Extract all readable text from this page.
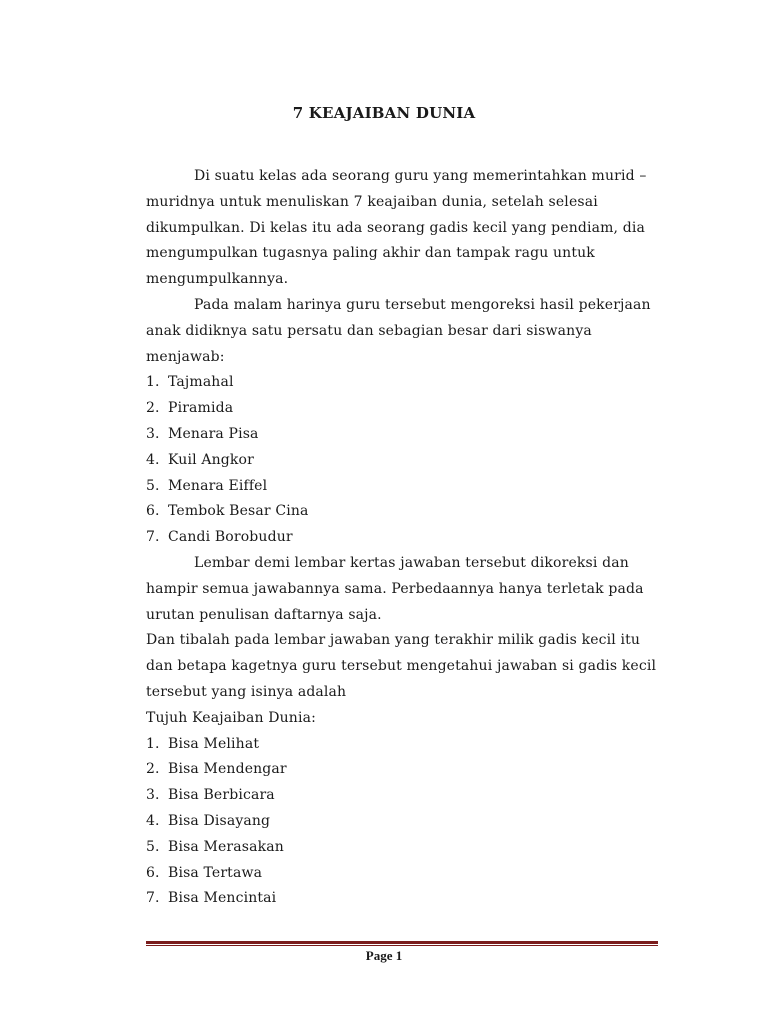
7 KEAJAIBAN DUNIA

Di suatu kelas ada seorang guru yang memerintahkan murid – muridnya untuk menuliskan 7 keajaiban dunia, setelah selesai dikumpulkan. Di kelas itu ada seorang gadis kecil yang pendiam, dia mengumpulkan tugasnya paling akhir dan tampak ragu untuk mengumpulkannya.

Pada malam harinya guru tersebut mengoreksi hasil pekerjaan anak didiknya satu persatu dan sebagian besar dari siswanya menjawab:

1. Tajmahal
2. Piramida
3. Menara Pisa
4. Kuil Angkor
5. Menara Eiffel
6. Tembok Besar Cina
7. Candi Borobudur

Lembar demi lembar kertas jawaban tersebut dikoreksi dan hampir semua jawabannya sama. Perbedaannya hanya terletak pada urutan penulisan daftarnya saja.

Dan tibalah pada lembar jawaban yang terakhir milik gadis kecil itu dan betapa kagetnya guru tersebut mengetahui jawaban si gadis kecil tersebut yang isinya adalah

Tujuh Keajaiban Dunia:

1. Bisa Melihat
2. Bisa Mendengar
3. Bisa Berbicara
4. Bisa Disayang
5. Bisa Merasakan
6. Bisa Tertawa
7. Bisa Mencintai
Page 1
